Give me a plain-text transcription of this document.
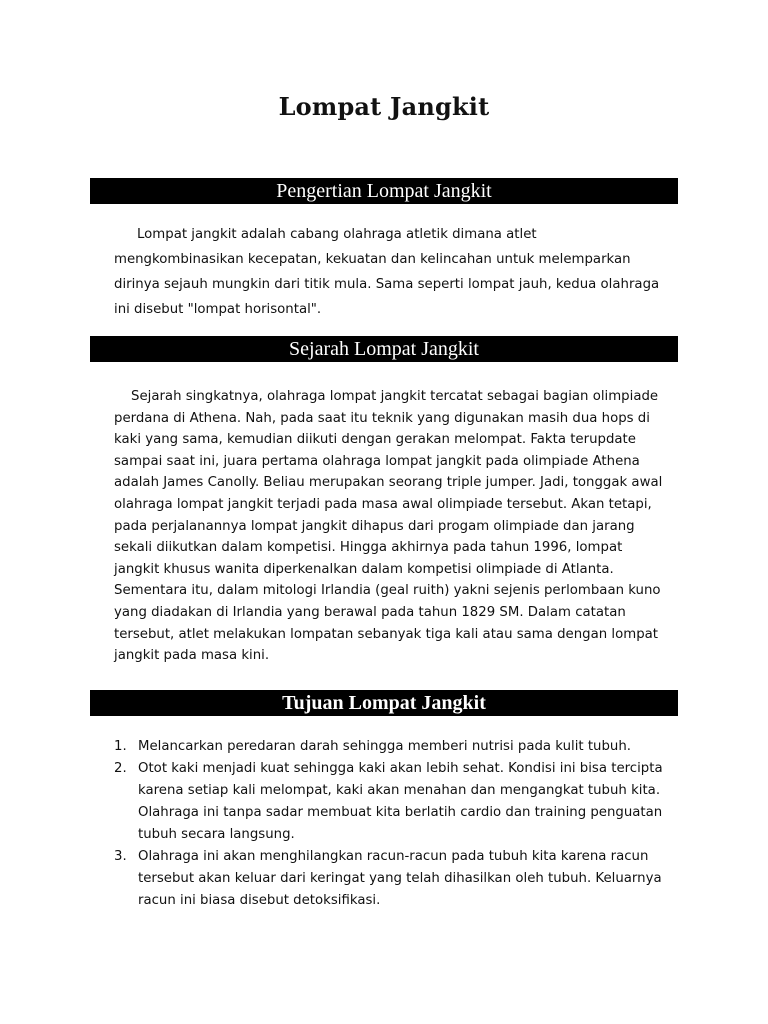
Lompat Jangkit
Pengertian Lompat Jangkit

Lompat jangkit adalah cabang olahraga atletik dimana atlet mengkombinasikan kecepatan, kekuatan dan kelincahan untuk melemparkan dirinya sejauh mungkin dari titik mula. Sama seperti lompat jauh, kedua olahraga ini disebut "lompat horisontal".

Sejarah Lompat Jangkit

Sejarah singkatnya, olahraga lompat jangkit tercatat sebagai bagian olimpiade perdana di Athena. Nah, pada saat itu teknik yang digunakan masih dua hops di kaki yang sama, kemudian diikuti dengan gerakan melompat. Fakta terupdate sampai saat ini, juara pertama olahraga lompat jangkit pada olimpiade Athena adalah James Canolly. Beliau merupakan seorang triple jumper. Jadi, tonggak awal olahraga lompat jangkit terjadi pada masa awal olimpiade tersebut. Akan tetapi, pada perjalanannya lompat jangkit dihapus dari progam olimpiade dan jarang sekali diikutkan dalam kompetisi. Hingga akhirnya pada tahun 1996, lompat jangkit khusus wanita diperkenalkan dalam kompetisi olimpiade di Atlanta. Sementara itu, dalam mitologi Irlandia (geal ruith) yakni sejenis perlombaan kuno yang diadakan di Irlandia yang berawal pada tahun 1829 SM. Dalam catatan tersebut, atlet melakukan lompatan sebanyak tiga kali atau sama dengan lompat jangkit pada masa kini.

Tujuan Lompat Jangkit
1. Melancarkan peredaran darah sehingga memberi nutrisi pada kulit tubuh.
2. Otot kaki menjadi kuat sehingga kaki akan lebih sehat. Kondisi ini bisa tercipta karena setiap kali melompat, kaki akan menahan dan mengangkat tubuh kita. Olahraga ini tanpa sadar membuat kita berlatih cardio dan training penguatan tubuh secara langsung.
3. Olahraga ini akan menghilangkan racun-racun pada tubuh kita karena racun tersebut akan keluar dari keringat yang telah dihasilkan oleh tubuh. Keluarnya racun ini biasa disebut detoksifikasi.
